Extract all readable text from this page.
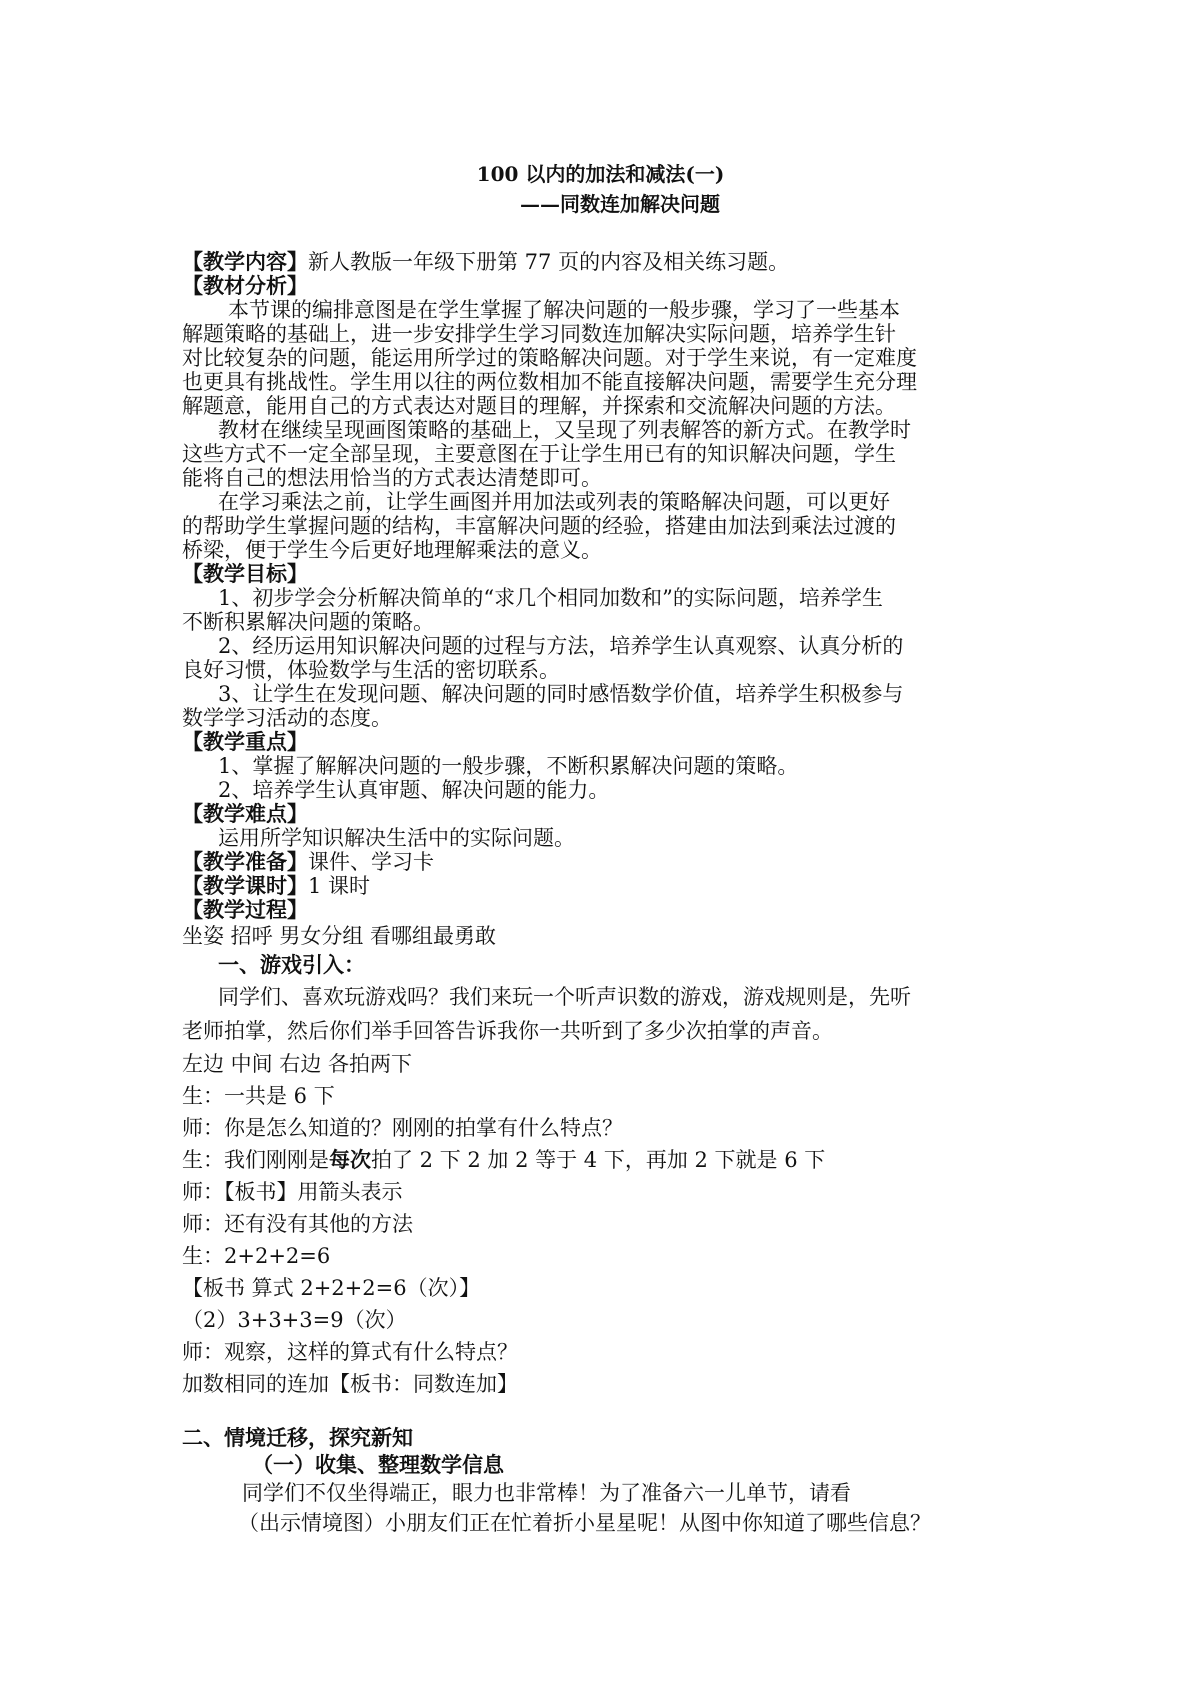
100 以内的加法和减法(一)
——同数连加解决问题
【教学内容】新人教版一年级下册第 77 页的内容及相关练习题。
【教材分析】
本节课的编排意图是在学生掌握了解决问题的一般步骤，学习了一些基本
解题策略的基础上，进一步安排学生学习同数连加解决实际问题，培养学生针
对比较复杂的问题，能运用所学过的策略解决问题。对于学生来说，有一定难度
也更具有挑战性。学生用以往的两位数相加不能直接解决问题，需要学生充分理
解题意，能用自己的方式表达对题目的理解，并探索和交流解决问题的方法。
教材在继续呈现画图策略的基础上，又呈现了列表解答的新方式。在教学时
这些方式不一定全部呈现，主要意图在于让学生用已有的知识解决问题，学生
能将自己的想法用恰当的方式表达清楚即可。
在学习乘法之前，让学生画图并用加法或列表的策略解决问题，可以更好
的帮助学生掌握问题的结构，丰富解决问题的经验，搭建由加法到乘法过渡的
桥梁，便于学生今后更好地理解乘法的意义。
【教学目标】
1、初步学会分析解决简单的“求几个相同加数和”的实际问题，培养学生
不断积累解决问题的策略。
2、经历运用知识解决问题的过程与方法，培养学生认真观察、认真分析的
良好习惯，体验数学与生活的密切联系。
3、让学生在发现问题、解决问题的同时感悟数学价值，培养学生积极参与
数学学习活动的态度。
【教学重点】
1、掌握了解解决问题的一般步骤，不断积累解决问题的策略。
2、培养学生认真审题、解决问题的能力。
【教学难点】
运用所学知识解决生活中的实际问题。
【教学准备】课件、学习卡
【教学课时】1 课时
【教学过程】
坐姿 招呼 男女分组 看哪组最勇敢
一、游戏引入：
同学们、喜欢玩游戏吗？我们来玩一个听声识数的游戏，游戏规则是，先听
老师拍掌，然后你们举手回答告诉我你一共听到了多少次拍掌的声音。
左边 中间 右边 各拍两下
生：一共是 6 下
师：你是怎么知道的？刚刚的拍掌有什么特点？
生：我们刚刚是每次拍了 2 下 2 加 2 等于 4 下，再加 2 下就是 6 下
师：【板书】用箭头表示
师：还有没有其他的方法
生：2+2+2=6
【板书 算式 2+2+2=6（次）】
（2）3+3+3=9（次）
师：观察，这样的算式有什么特点？
加数相同的连加【板书：同数连加】
二、情境迁移，探究新知
（一）收集、整理数学信息
同学们不仅坐得端正，眼力也非常棒！为了准备六一儿单节，请看
（出示情境图）小朋友们正在忙着折小星星呢！从图中你知道了哪些信息？
